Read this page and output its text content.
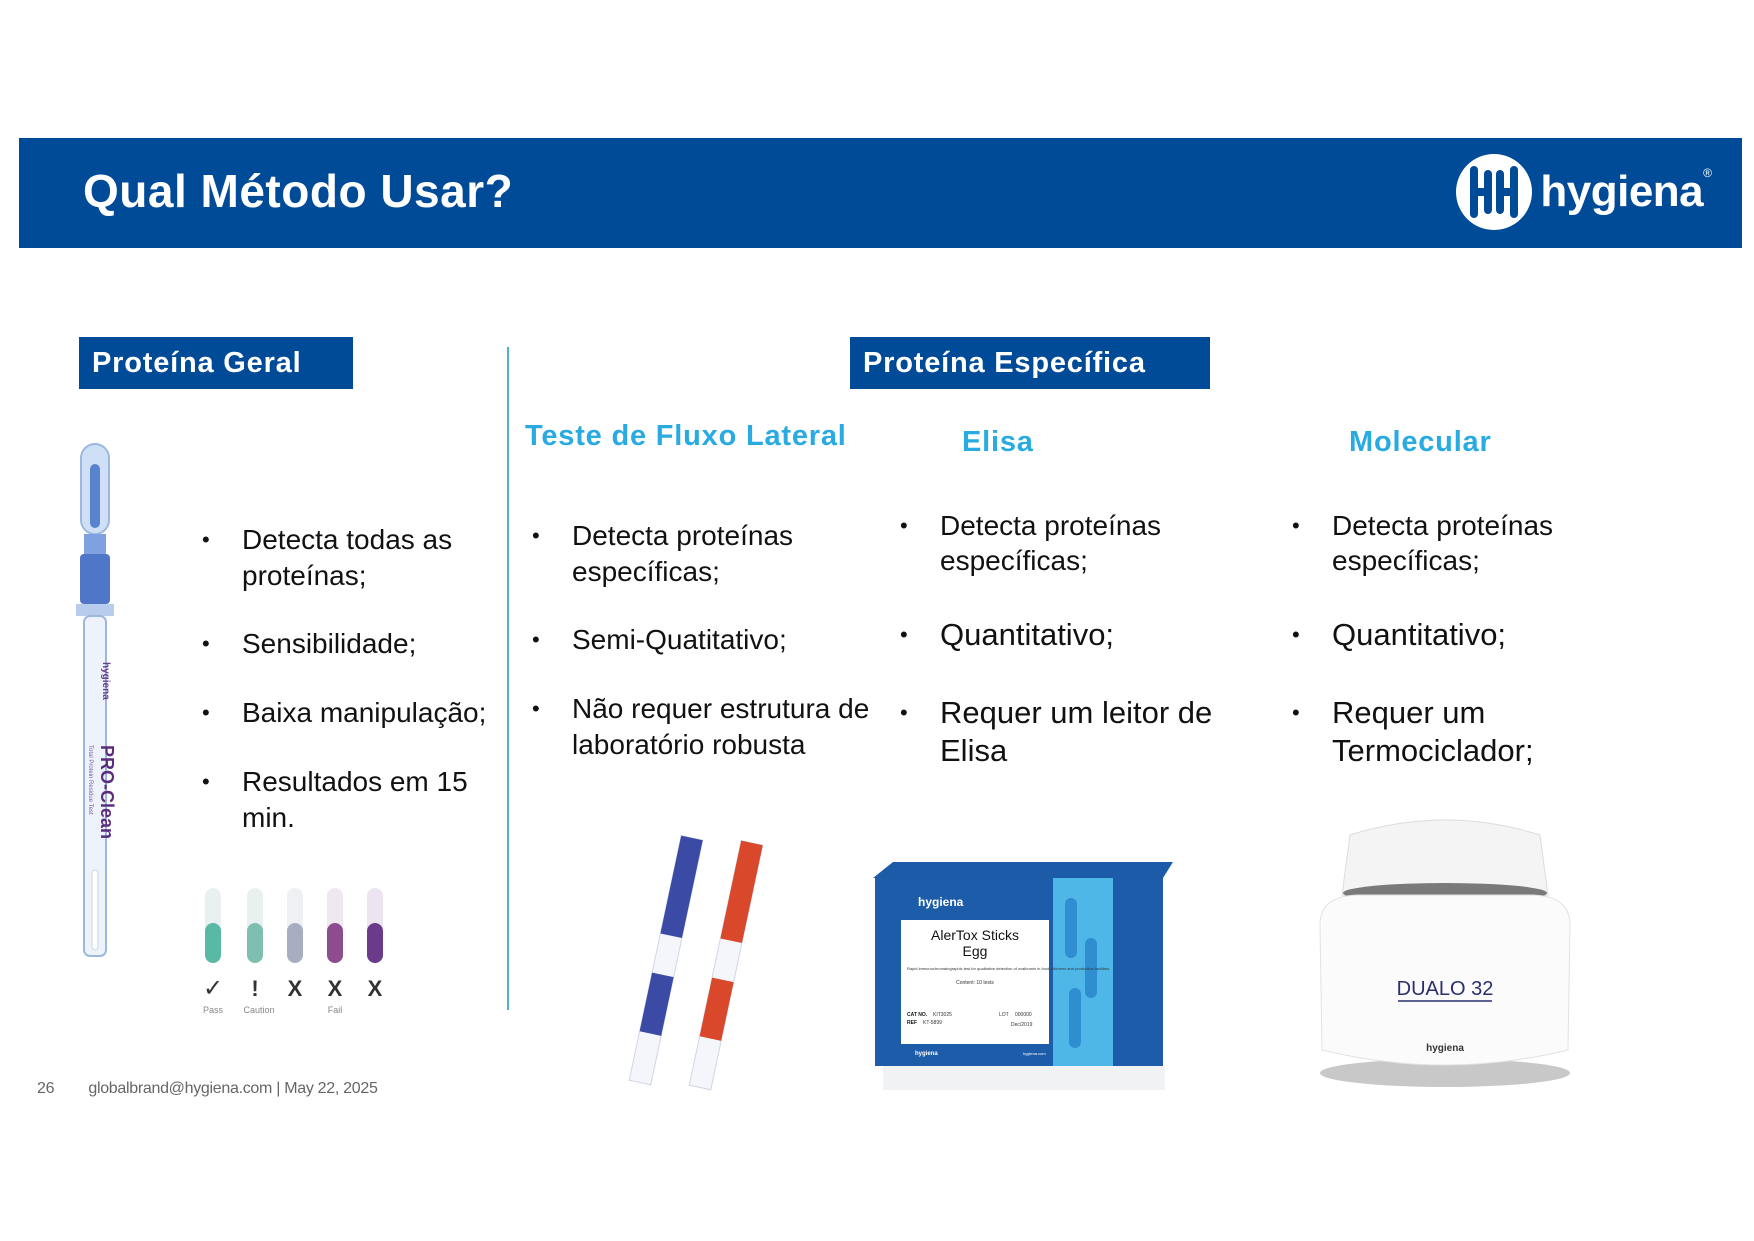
Qual Método Usar?	hygiena ®
Proteína Geral	Proteína Específica
Teste de Fluxo Lateral	Elisa	Molecular
• Detecta todas as proteínas;
• Sensibilidade;
• Baixa manipulação;
• Resultados em 15 min.
• Detecta proteínas específicas;
• Semi-Quatitativo;
• Não requer estrutura de laboratório robusta
• Detecta proteínas específicas;
• Quantitativo;
• Requer um leitor de Elisa
• Detecta proteínas específicas;
• Quantitativo;
• Requer um Termociclador;
hygiena
PRO-Clean
Total Protein Residue Test
✓ ! X X X
Pass Caution	Fail
hygiena
AlerTox Sticks
Egg
Rapid immunochromatographic test for qualitative detection of ovalbumin in food, kitchens and production facilities.
Content: 10 tests
CAT NO. KIT3025
REF KT-5899
LOT 000000
Dec/2019
hygiena	hygiena.com
DUALO 32
hygiena
26 globalbrand@hygiena.com | May 22, 2025
